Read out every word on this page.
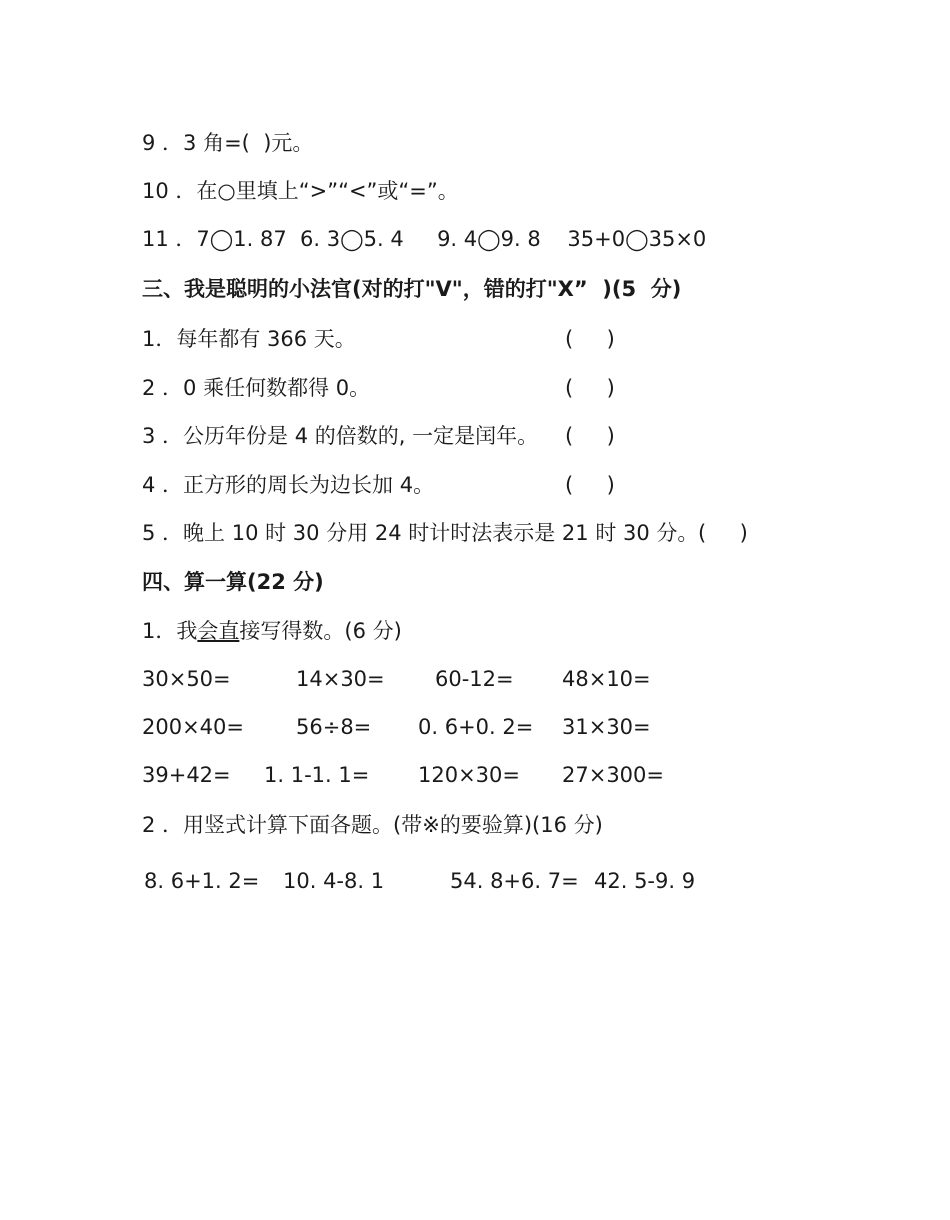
9 ．3 角=(  )元。
10 ．在○里填上“>”“<”或“=”。
11 ．7◯1. 87  6. 3◯5. 4     9. 4◯9. 8    35+0◯35×0
三、我是聪明的小法官(对的打"V"，错的打"X”  )(5  分)
1．每年都有 366 天。	(     )
2 ．0 乘任何数都得 0。	(     )
3 ．公历年份是 4 的倍数的, 一定是闰年。 (     )
4 ．正方形的周长为边长加 4。	(     )
5 ．晚上 10 时 30 分用 24 时计时法表示是 21 时 30 分。 (     )
四、算一算(22 分)
1．我会直接写得数。(6 分)
30×50=	14×30= 60-12= 48×10=
200×40= 56÷8= 0. 6+0. 2= 31×30=
39+42= 1. 1-1. 1= 120×30= 27×300=
2 ．用竖式计算下面各题。(带※的要验算)(16 分)
8. 6+1. 2= 10. 4-8. 1	54. 8+6. 7= 42. 5-9. 9
